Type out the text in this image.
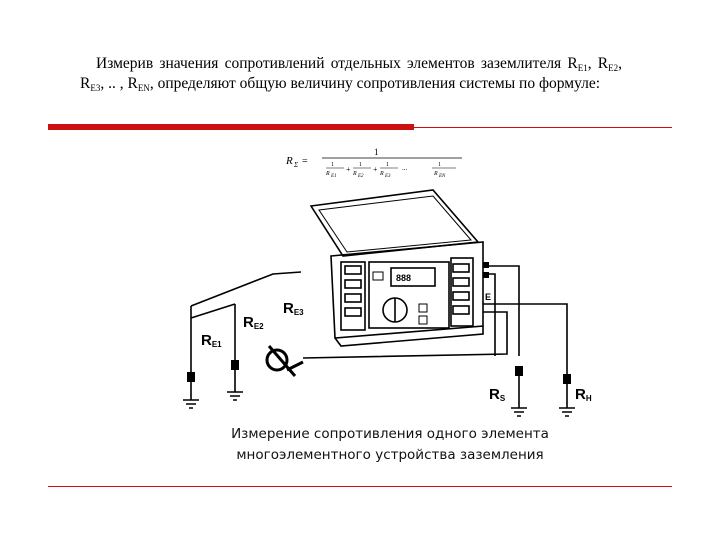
Измерив значения сопротивлений отдельных элементов заземлителя $R_{E1}$, $R_{E2}$, $R_{E3}$, .. , $R_{EN}$, определяют общую величину сопротивления системы по формуле:
R Σ =
1
1
R E1
+ 1
R E2
+ 1
R E3
...	1
R EN
E
888
$R_{E1}$
$R_{E2}$
$R_{E3}$
$R_S$	$R_H$
Измерение сопротивления одного элемента
многоэлементного устройства заземления
